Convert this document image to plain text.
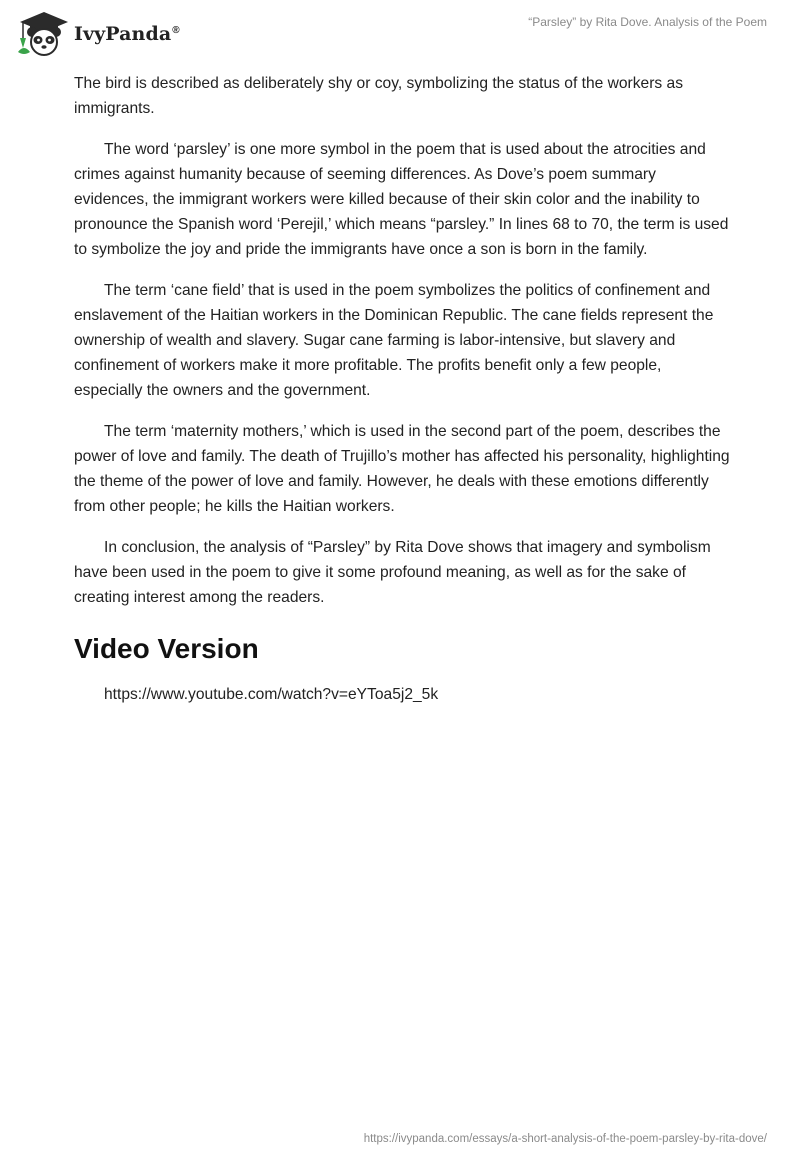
IvyPanda®
“Parsley” by Rita Dove. Analysis of the Poem

The bird is described as deliberately shy or coy, symbolizing the status of the workers as immigrants.

The word ‘parsley’ is one more symbol in the poem that is used about the atrocities and crimes against humanity because of seeming differences. As Dove’s poem summary evidences, the immigrant workers were killed because of their skin color and the inability to pronounce the Spanish word ‘Perejil,’ which means “parsley.” In lines 68 to 70, the term is used to symbolize the joy and pride the immigrants have once a son is born in the family.

The term ‘cane field’ that is used in the poem symbolizes the politics of confinement and enslavement of the Haitian workers in the Dominican Republic. The cane fields represent the ownership of wealth and slavery. Sugar cane farming is labor-intensive, but slavery and confinement of workers make it more profitable. The profits benefit only a few people, especially the owners and the government.

The term ‘maternity mothers,’ which is used in the second part of the poem, describes the power of love and family. The death of Trujillo’s mother has affected his personality, highlighting the theme of the power of love and family. However, he deals with these emotions differently from other people; he kills the Haitian workers.

In conclusion, the analysis of “Parsley” by Rita Dove shows that imagery and symbolism have been used in the poem to give it some profound meaning, as well as for the sake of creating interest among the readers.

Video Version

https://www.youtube.com/watch?v=eYToa5j2_5k

https://ivypanda.com/essays/a-short-analysis-of-the-poem-parsley-by-rita-dove/
